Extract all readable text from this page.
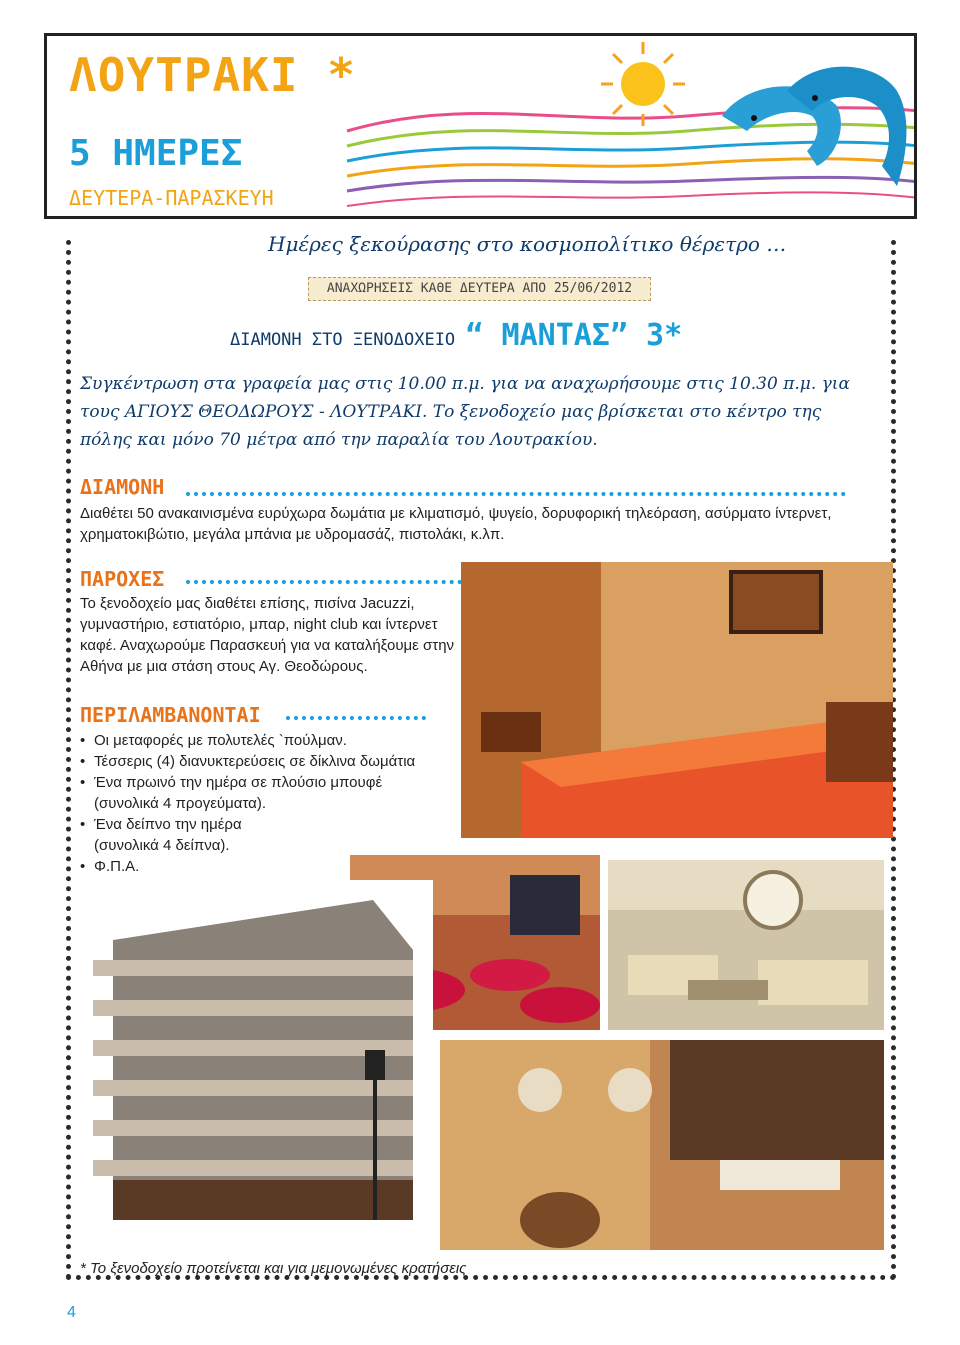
ΛΟΥΤΡΑΚΙ *
5 ΗΜΕΡΕΣ
ΔΕΥΤΕΡΑ-ΠΑΡΑΣΚΕΥΗ
Ημέρες ξεκούρασης στο κοσμοπολίτικο θέρετρο …
ΑΝΑΧΩΡΗΣΕΙΣ ΚΑΘΕ ΔΕΥΤΕΡΑ ΑΠΟ 25/06/2012
ΔΙΑΜΟΝΗ ΣΤΟ ΞΕΝΟΔΟΧΕΙΟ “ ΜΑΝΤΑΣ” 3*
Συγκέντρωση στα γραφεία μας στις 10.00 π.μ. για να αναχωρήσουμε στις 10.30 π.μ. για τους ΑΓΙΟΥΣ ΘΕΟΔΩΡΟΥΣ - ΛΟΥΤΡΑΚΙ. Το ξενοδοχείο μας βρίσκεται στο κέντρο της πόλης και μόνο 70 μέτρα από την παραλία του Λουτρακίου.
ΔΙΑΜΟΝΗ
Διαθέτει 50 ανακαινισμένα ευρύχωρα δωμάτια με κλιματισμό, ψυγείο, δορυφορική τηλεόραση, ασύρματο ίντερνετ, χρηματοκιβώτιο, μεγάλα μπάνια με υδρομασάζ, πιστολάκι, κ.λπ.
ΠΑΡΟΧΕΣ
Το ξενοδοχείο μας διαθέτει επίσης, πισίνα Jacuzzi, γυμναστήριο, εστιατόριο, μπαρ, night club και ίντερνετ καφέ. Αναχωρούμε Παρασκευή για να καταλήξουμε στην Αθήνα με μια στάση στους Αγ. Θεοδώρους.
ΠΕΡΙΛΑΜΒΑΝΟΝΤΑΙ
• Οι μεταφορές με πολυτελές `πούλμαν.
• Τέσσερις (4) διανυκτερεύσεις σε δίκλινα δωμάτια
• Ένα πρωινό την ημέρα σε πλούσιο μπουφέ (συνολικά 4 προγεύματα).
• Ένα δείπνο την ημέρα (συνολικά 4 δείπνα).
• Φ.Π.Α.
* Το ξενοδοχείο προτείνεται και για μεμονωμένες κρατήσεις
4
